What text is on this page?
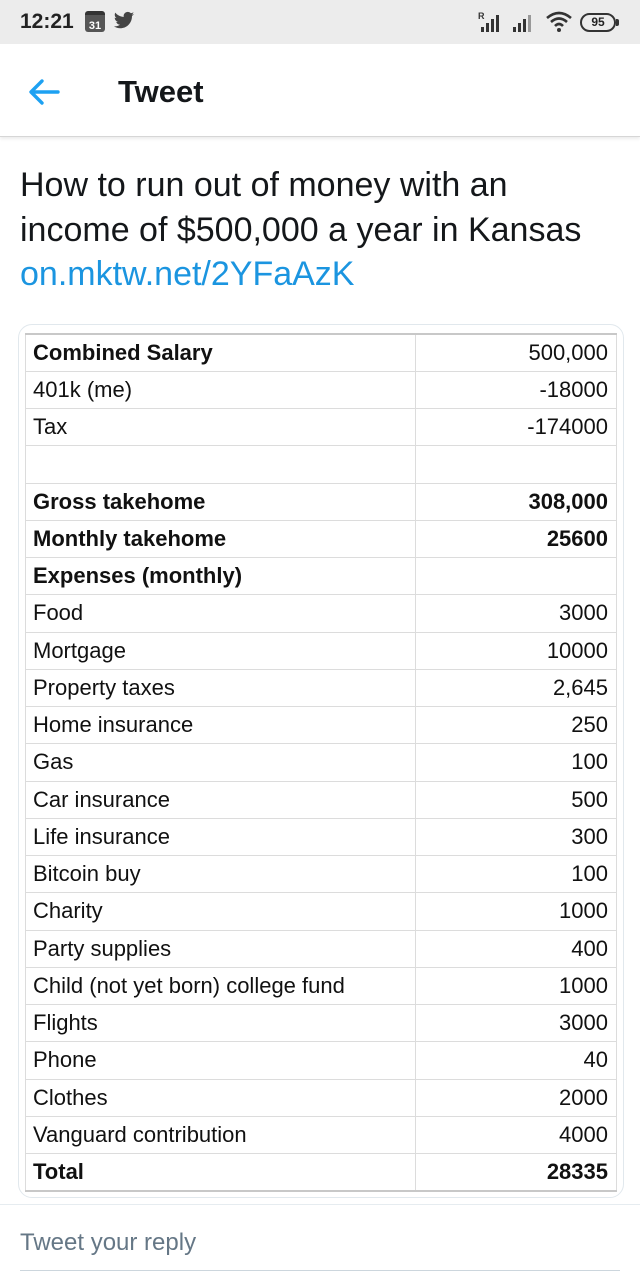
12:21	31
R	95
Tweet
How to run out of money with an income of $500,000 a year in Kansas
on.mktw.net/2YFaAzK
Combined Salary	500,000
401k (me)	-18000
Tax	-174000

Gross takehome	308,000
Monthly takehome	25600
Expenses (monthly)	
Food	3000
Mortgage	10000
Property taxes	2,645
Home insurance	250
Gas	100
Car insurance	500
Life insurance	300
Bitcoin buy	100
Charity	1000
Party supplies	400
Child (not yet born) college fund	1000
Flights	3000
Phone	40
Clothes	2000
Vanguard contribution	4000
Total	28335
Tweet your reply
